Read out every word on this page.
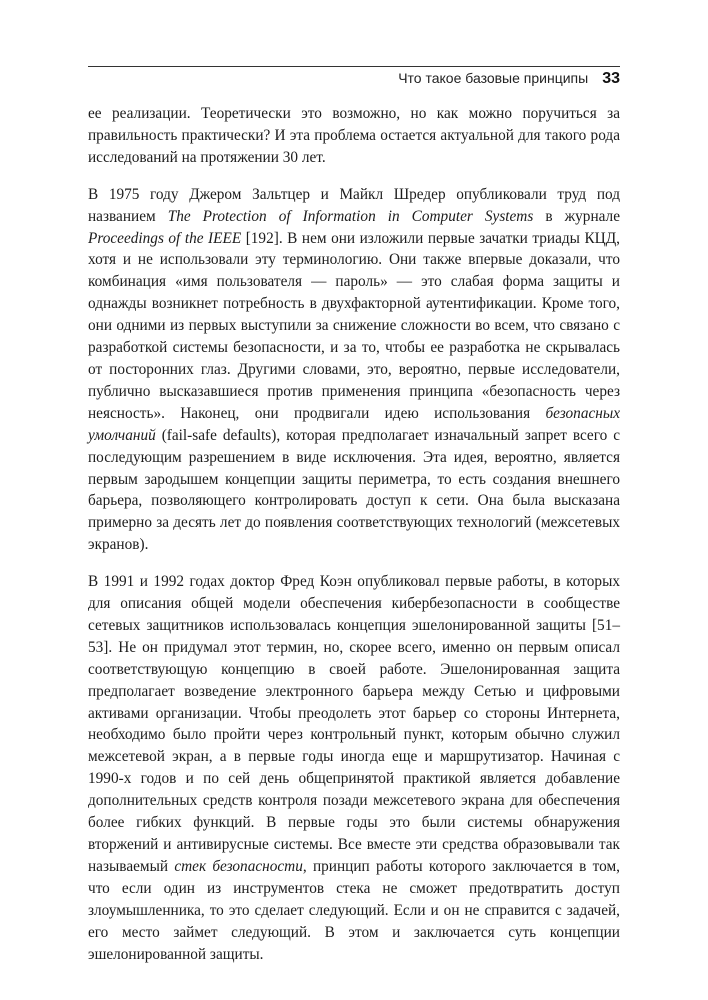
Что такое базовые принципы 33

ее реализации. Теоретически это возможно, но как можно поручиться за правильность практически? И эта проблема остается актуальной для такого рода исследований на протяжении 30 лет.

В 1975 году Джером Зальтцер и Майкл Шредер опубликовали труд под названием The Protection of Information in Computer Systems в журнале Proceedings of the IEEE [192]. В нем они изложили первые зачатки триады КЦД, хотя и не использовали эту терминологию. Они также впервые доказали, что комбинация «имя пользователя — пароль» — это слабая форма защиты и однажды возникнет потребность в двухфакторной аутентификации. Кроме того, они одними из первых выступили за снижение сложности во всем, что связано с разработкой системы безопасности, и за то, чтобы ее разработка не скрывалась от посторонних глаз. Другими словами, это, вероятно, первые исследователи, публично высказавшиеся против применения принципа «безопасность через неясность». Наконец, они продвигали идею использования безопасных умолчаний (fail-safe defaults), которая предполагает изначальный запрет всего с последующим разрешением в виде исключения. Эта идея, вероятно, является первым зародышем концепции защиты периметра, то есть создания внешнего барьера, позволяющего контролировать доступ к сети. Она была высказана примерно за десять лет до появления соответствующих технологий (межсетевых экранов).

В 1991 и 1992 годах доктор Фред Коэн опубликовал первые работы, в которых для описания общей модели обеспечения кибербезопасности в сообществе сетевых защитников использовалась концепция эшелонированной защиты [51–53]. Не он придумал этот термин, но, скорее всего, именно он первым описал соответствующую концепцию в своей работе. Эшелонированная защита предполагает возведение электронного барьера между Сетью и цифровыми активами организации. Чтобы преодолеть этот барьер со стороны Интернета, необходимо было пройти через контрольный пункт, которым обычно служил межсетевой экран, а в первые годы иногда еще и маршрутизатор. Начиная с 1990-х годов и по сей день общепринятой практикой является добавление дополнительных средств контроля позади межсетевого экрана для обеспечения более гибких функций. В первые годы это были системы обнаружения вторжений и антивирусные системы. Все вместе эти средства образовывали так называемый стек безопасности, принцип работы которого заключается в том, что если один из инструментов стека не сможет предотвратить доступ злоумышленника, то это сделает следующий. Если и он не справится с задачей, его место займет следующий. В этом и заключается суть концепции эшелонированной защиты.
